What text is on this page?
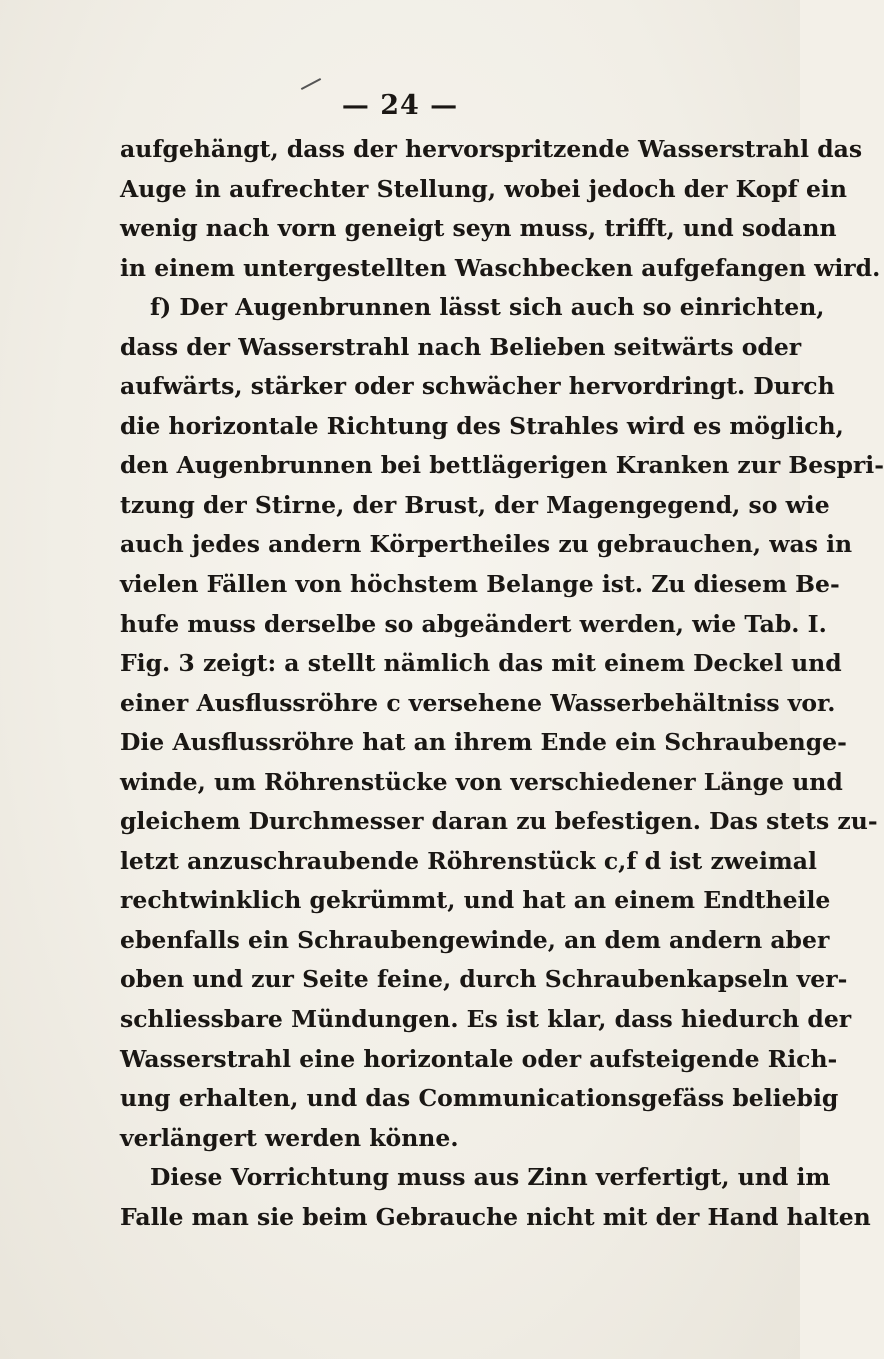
— 24 —
aufgehängt, dass der hervorspritzende Wasserstrahl das
Auge in aufrechter Stellung, wobei jedoch der Kopf ein
wenig nach vorn geneigt seyn muss, trifft, und sodann
in einem untergestellten Waschbecken aufgefangen wird.
f) Der Augenbrunnen lässt sich auch so einrichten,
dass der Wasserstrahl nach Belieben seitwärts oder
aufwärts, stärker oder schwächer hervordringt. Durch
die horizontale Richtung des Strahles wird es möglich,
den Augenbrunnen bei bettlägerigen Kranken zur Bespri-
tzung der Stirne, der Brust, der Magengegend, so wie
auch jedes andern Körpertheiles zu gebrauchen, was in
vielen Fällen von höchstem Belange ist. Zu diesem Be-
hufe muss derselbe so abgeändert werden, wie Tab. I.
Fig. 3 zeigt: a stellt nämlich das mit einem Deckel und
einer Ausflussröhre c versehene Wasserbehältniss vor.
Die Ausflussröhre hat an ihrem Ende ein Schraubenge-
winde, um Röhrenstücke von verschiedener Länge und
gleichem Durchmesser daran zu befestigen. Das stets zu-
letzt anzuschraubende Röhrenstück c,f d ist zweimal
rechtwinklich gekrümmt, und hat an einem Endtheile
ebenfalls ein Schraubengewinde, an dem andern aber
oben und zur Seite feine, durch Schraubenkapseln ver-
schliessbare Mündungen. Es ist klar, dass hiedurch der
Wasserstrahl eine horizontale oder aufsteigende Rich-
ung erhalten, und das Communicationsgefäss beliebig
verlängert werden könne.
Diese Vorrichtung muss aus Zinn verfertigt, und im
Falle man sie beim Gebrauche nicht mit der Hand halten
